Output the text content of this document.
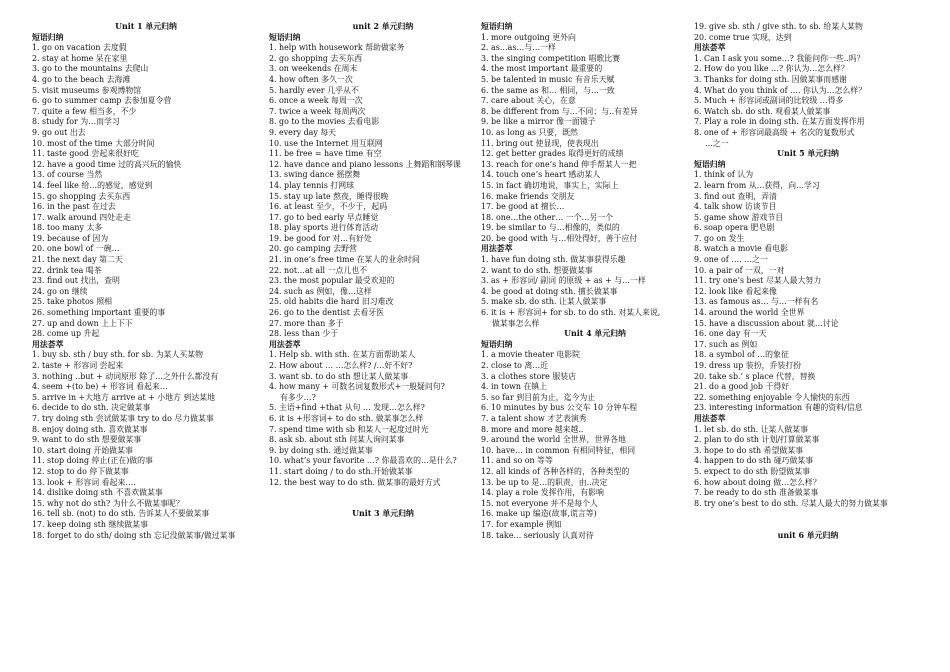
Unit 1 单元归纳
短语归纳
1. go on vacation 去度假
2. stay at home 呆在家里
3. go to the mountains 去爬山
4. go to the beach 去海滩
5. visit museums 参观博物馆
6. go to summer camp 去参加夏令营
7. quite a few 相当多，不少
8. study for 为…而学习
9. go out 出去
10. most of the time 大部分时间
11. taste good 尝起来很好吃
12. have a good time 过的高兴玩的愉快
13. of course 当然
14. feel like 给…的感觉，感觉到
15. go shopping 去买东西
16. in the past 在过去
17. walk around 四处走走
18. too many 太多
19. because of 因为
20. one bowl of 一碗…
21. the next day 第二天
22. drink tea 喝茶
23. find out 找出，查明
24. go on 继续
25. take photos 照相
26. something important 重要的事
27. up and down 上上下下
28. come up 升起
用法荟萃
1. buy sb. sth / buy sth. for sb. 为某人买某物
2. taste + 形容词 尝起来
3. nothing ..but + 动词原形 除了…之外什么都没有
4. seem +(to be) + 形容词 看起来…
5. arrive in +大地方 arrive at + 小地方 到达某地
6. decide to do sth. 决定做某事
7. try doing sth 尝试做某事 try to do 尽力做某事
8. enjoy doing sth. 喜欢做某事
9. want to do sth 想要做某事
10. start doing 开始做某事
11. stop doing 停止(正在)做的事
12. stop to do 停下做某事
13. look + 形容词 看起来….
14. dislike doing sth 不喜欢做某事
15. why not do sth? 为什么不做某事呢？
16. tell sb. (not) to do sth. 告诉某人不要做某事
17. keep doing sth 继续做某事
18. forget to do sth/ doing sth 忘记没做某事/做过某事
unit 2 单元归纳
短语归纳
1. help with housework 帮助做家务
2. go shopping 去买东西
3. on weekends 在周末
4. how often 多久一次
5. hardly ever 几乎从不
6. once a week 每周一次
7. twice a week 每周两次
8. go to the movies 去看电影
9. every day 每天
10. use the Internet 用互联网
11. be free = have time 有空
12. have dance and piano lessons 上舞蹈和钢琴课
13. swing dance 摇摆舞
14. play tennis 打网球
15. stay up late 熬夜，睡得很晚
16. at least 至少，不少于，起码
17. go to bed early 早点睡觉
18. play sports 进行体育活动
19. be good for 对…有好处
20. go camping 去野营
21. in one’s free time 在某人的业余时间
22. not…at all 一点儿也不
23. the most popular 最受欢迎的
24. such as 例如，像…这样
25. old habits die hard 旧习难改
26. go to the dentist 去看牙医
27. more than 多于
28. less than 少于
用法荟萃
1. Help sb. with sth. 在某方面帮助某人
2. How about … …怎么样? /…好不好?
3. want sb. to do sth 想让某人做某事
4. how many + 可数名词复数形式+一般疑问句?
有多少…?
5. 主语+find +that 从句 … 发现…怎么样?
6. it is +形容词+ to do sth. 做某事怎么样
7. spend time with sb 和某人一起度过时光
8. ask sb. about sth 问某人询问某事
9. by doing sth. 通过做某事
10. what’s your favorite …? 你最喜欢的…是什么?
11. start doing / to do sth.开始做某事
12. the best way to do sth. 做某事的最好方式
Unit 3 单元归纳
短语归纳
1. more outgoing 更外向
2. as…as…与…一样
3. the singing competition 唱歌比赛
4. the most important 最重要的
5. be talented in music 有音乐天赋
6. the same as 和… 相同，与…一致
7. care about 关心，在意
8. be different from 与…不同；与..有差异
9. be like a mirror 像一面镜子
10. as long as 只要，既然
11. bring out 使显现，使表现出
12. get better grades 取得更好的成绩
13. reach for one’s hand 伸手帮某人一把
14. touch one’s heart 感动某人
15. in fact 确切地说，事实上，实际上
16. make friends 交朋友
17. be good at 擅长…
18. one…the other… 一个…另一个
19. be similar to 与…相像的，类似的
20. be good with 与…相处得好，善于应付
用法荟萃
1. have fun doing sth. 做某事获得乐趣
2. want to do sth. 想要做某事
3. as + 形容词/ 副词 的原级 + as + 与…一样
4. be good at doing sth. 擅长做某事
5. make sb. do sth. 让某人做某事
6. it is + 形容词+ for sb. to do sth. 对某人来说,
做某事怎么样
Unit 4 单元归纳
短语归纳
1. a movie theater 电影院
2. close to 离…近
3. a clothes store 服装店
4. in town 在镇上
5. so far 到目前为止，迄今为止
6. 10 minutes by bus 公交车 10 分钟车程
7. a talent show 才艺表演秀
8. more and more 越来越..
9. around the world 全世界，世界各地
10. have… in common 有相同特征，相同
11. and so on 等等
12. all kinds of 各种各样的，各种类型的
13. be up to 是…的职责，由..决定
14. play a role 发挥作用，有影响
15. not everyone 并不是每个人
16. make up 编造(故事,谎言等)
17. for example 例如
18. take… seriously 认真对待
19. give sb. sth / give sth. to sb. 给某人某物
20. come true 实现，达到
用法荟萃
1. Can I ask you some…? 我能问你一些..吗？
2. How do you like …? 你认为…怎么样？
3. Thanks for doing sth. 因做某事而感谢
4. What do you think of …. 你认为…怎么样？
5. Much + 形容词或副词的比较级 …得多
6. Watch sb. do sth. 观看某人做某事
7. Play a role in doing sth. 在某方面发挥作用
8. one of + 形容词最高级 + 名次的复数形式
…之一
Unit 5 单元归纳
短语归纳
1. think of 认为
2. learn from 从…获得，向…学习
3. find out 查明，弄清
4. talk show 访谈节目
5. game show 游戏节目
6. soap opera 肥皂剧
7. go on 发生
8. watch a movie 看电影
9. one of …. …之一
10. a pair of 一双，一对
11. try one’s best 尽某人最大努力
12. look like 看起来像
13. as famous as… 与…一样有名
14. around the world 全世界
15. have a discussion about 就…讨论
16. one day 有一天
17. such as 例如
18. a symbol of …的象征
19. dress up 装扮，乔装打扮
20. take sb.’ s place 代替，替换
21. do a good job 干得好
22. something enjoyable 令人愉快的东西
23. interesting information 有趣的资料/信息
用法荟萃
1. let sb. do sth. 让某人做某事
2. plan to do sth 计划/打算做某事
3. hope to do sth 希望做某事
4. happen to do sth 碰巧做某事
5. expect to do sth 盼望做某事
6. how about doing 做…怎么样？
7. be ready to do sth 准备做某事
8. try one’s best to do sth. 尽某人最大的努力做某事
unit 6 单元归纳
